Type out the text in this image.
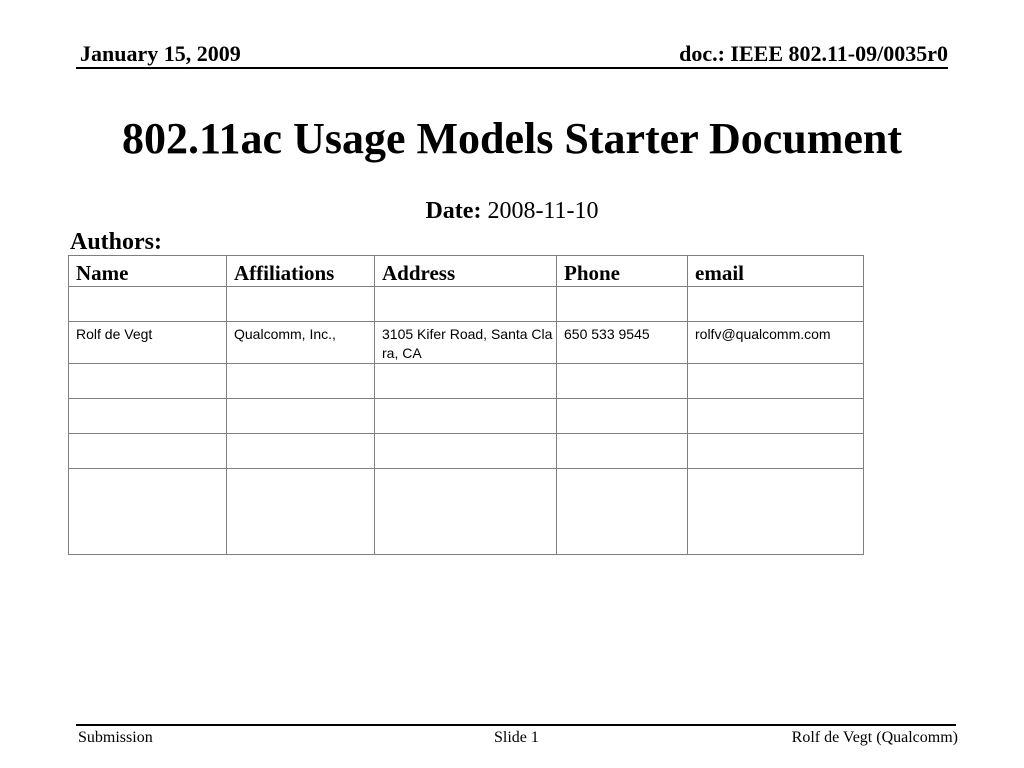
January 15, 2009	doc.: IEEE 802.11-09/0035r0
802.11ac Usage Models Starter Document
Date: 2008-11-10
Authors:
Name	Affiliations	Address	Phone	email

Rolf de Vegt	Qualcomm, Inc.,	3105 Kifer Road, Santa Clara, CA	650 533 9545	rolfv@qualcomm.com

Submission	Slide 1	Rolf de Vegt (Qualcomm)
